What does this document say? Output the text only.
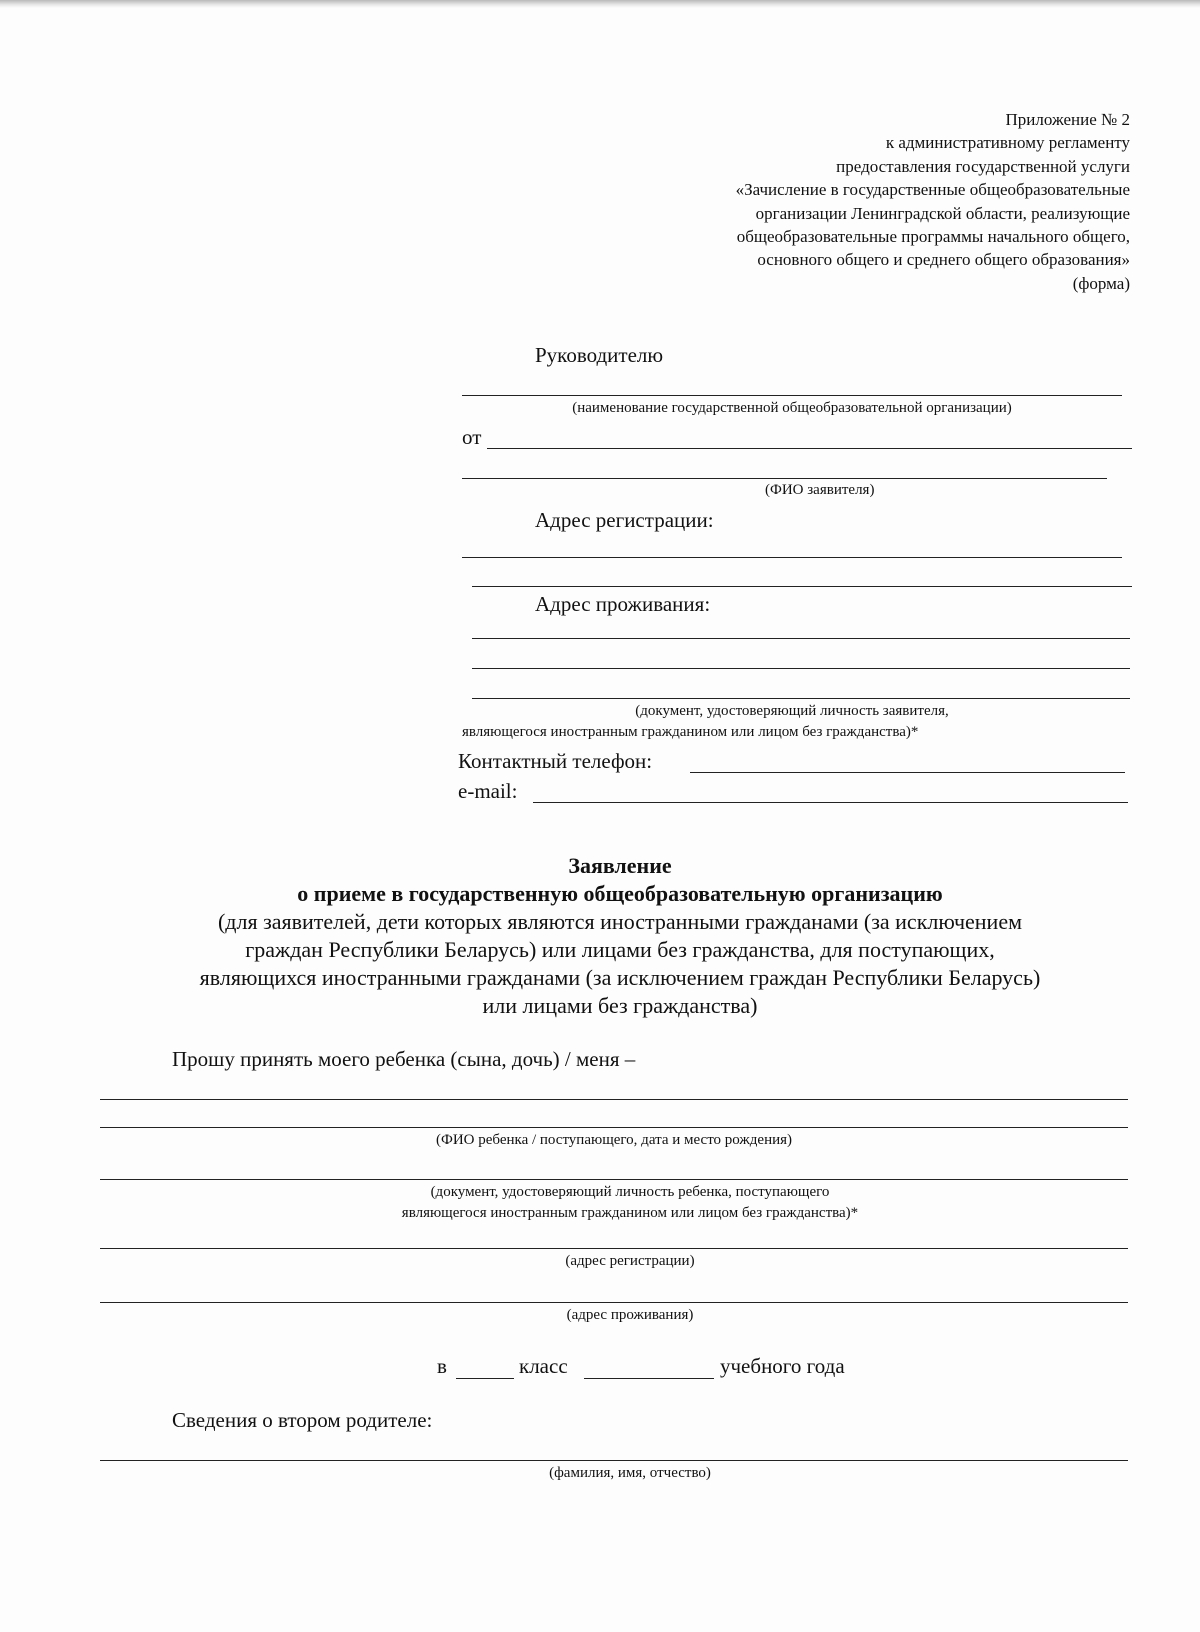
Приложение № 2
к административному регламенту
предоставления государственной услуги
«Зачисление в государственные общеобразовательные
организации Ленинградской области, реализующие
общеобразовательные программы начального общего,
основного общего и среднего общего образования»
(форма)
Руководителю
(наименование государственной общеобразовательной организации)
от
(ФИО заявителя)
Адрес регистрации:
Адрес проживания:
(документ, удостоверяющий личность заявителя,
являющегося иностранным гражданином или лицом без гражданства)*
Контактный телефон:
e-mail:
Заявление
о приеме в государственную общеобразовательную организацию
(для заявителей, дети которых являются иностранными гражданами (за исключением
граждан Республики Беларусь) или лицами без гражданства, для поступающих,
являющихся иностранными гражданами (за исключением граждан Республики Беларусь)
или лицами без гражданства)
Прошу принять моего ребенка (сына, дочь) / меня –
(ФИО ребенка / поступающего, дата и место рождения)
(документ, удостоверяющий личность ребенка, поступающего
являющегося иностранным гражданином или лицом без гражданства)*
(адрес регистрации)
(адрес проживания)
в	класс	учебного года
Сведения о втором родителе:
(фамилия, имя, отчество)
